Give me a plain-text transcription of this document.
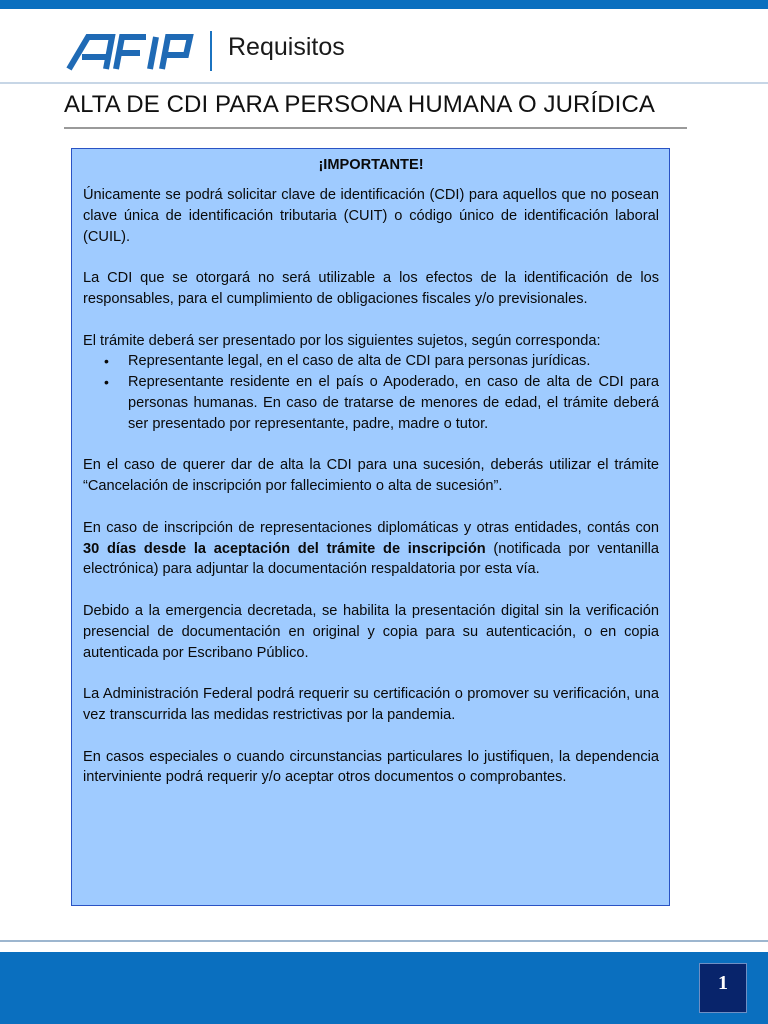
Requisitos
ALTA DE CDI PARA PERSONA HUMANA O JURÍDICA
¡IMPORTANTE!

Únicamente se podrá solicitar clave de identificación (CDI) para aquellos que no posean clave única de identificación tributaria (CUIT) o código único de identificación laboral (CUIL).

La CDI que se otorgará no será utilizable a los efectos de la identificación de los responsables, para el cumplimiento de obligaciones fiscales y/o previsionales.

El trámite deberá ser presentado por los siguientes sujetos, según corresponda:

• Representante legal, en el caso de alta de CDI para personas jurídicas.
• Representante residente en el país o Apoderado, en caso de alta de CDI para personas humanas. En caso de tratarse de menores de edad, el trámite deberá ser presentado por representante, padre, madre o tutor.

En el caso de querer dar de alta la CDI para una sucesión, deberás utilizar el trámite “Cancelación de inscripción por fallecimiento o alta de sucesión”.

En caso de inscripción de representaciones diplomáticas y otras entidades, contás con 30 días desde la aceptación del trámite de inscripción (notificada por ventanilla electrónica) para adjuntar la documentación respaldatoria por esta vía.

Debido a la emergencia decretada, se habilita la presentación digital sin la verificación presencial de documentación en original y copia para su autenticación, o en copia autenticada por Escribano Público.

La Administración Federal podrá requerir su certificación o promover su verificación, una vez transcurrida las medidas restrictivas por la pandemia.

En casos especiales o cuando circunstancias particulares lo justifiquen, la dependencia interviniente podrá requerir y/o aceptar otros documentos o comprobantes.

1
